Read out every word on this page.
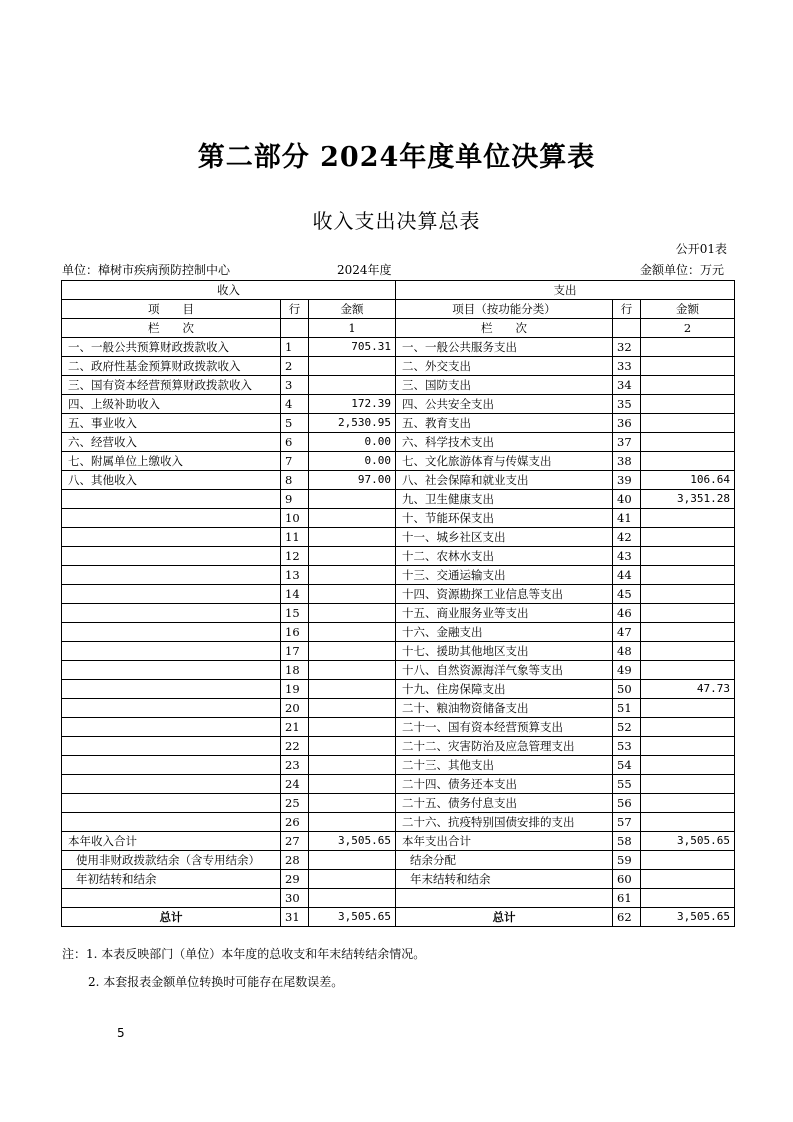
第二部分 2024年度单位决算表
收入支出决算总表
公开01表
单位：樟树市疾病预防控制中心	2024年度	金额单位：万元
收入			支出		
项　　目	行	金额	项目（按功能分类）	行	金额
栏　　次		1	栏　　次		2
一、一般公共预算财政拨款收入	1	705.31	一、一般公共服务支出	32	
二、政府性基金预算财政拨款收入	2		二、外交支出	33	
三、国有资本经营预算财政拨款收入	3		三、国防支出	34	
四、上级补助收入	4	172.39	四、公共安全支出	35	
五、事业收入	5	2,530.95	五、教育支出	36	
六、经营收入	6	0.00	六、科学技术支出	37	
七、附属单位上缴收入	7	0.00	七、文化旅游体育与传媒支出	38	
八、其他收入	8	97.00	八、社会保障和就业支出	39	106.64
	9		九、卫生健康支出	40	3,351.28
	10		十、节能环保支出	41	
	11		十一、城乡社区支出	42	
	12		十二、农林水支出	43	
	13		十三、交通运输支出	44	
	14		十四、资源勘探工业信息等支出	45	
	15		十五、商业服务业等支出	46	
	16		十六、金融支出	47	
	17		十七、援助其他地区支出	48	
	18		十八、自然资源海洋气象等支出	49	
	19		十九、住房保障支出	50	47.73
	20		二十、粮油物资储备支出	51	
	21		二十一、国有资本经营预算支出	52	
	22		二十二、灾害防治及应急管理支出	53	
	23		二十三、其他支出	54	
	24		二十四、债务还本支出	55	
	25		二十五、债务付息支出	56	
	26		二十六、抗疫特别国债安排的支出	57	
本年收入合计	27	3,505.65	本年支出合计	58	3,505.65
使用非财政拨款结余（含专用结余）	28		结余分配	59	
年初结转和结余	29		年末结转和结余	60	
	30			61	
总计	31	3,505.65	总计	62	3,505.65
注：1. 本表反映部门（单位）本年度的总收支和年末结转结余情况。
2. 本套报表金额单位转换时可能存在尾数误差。
5
